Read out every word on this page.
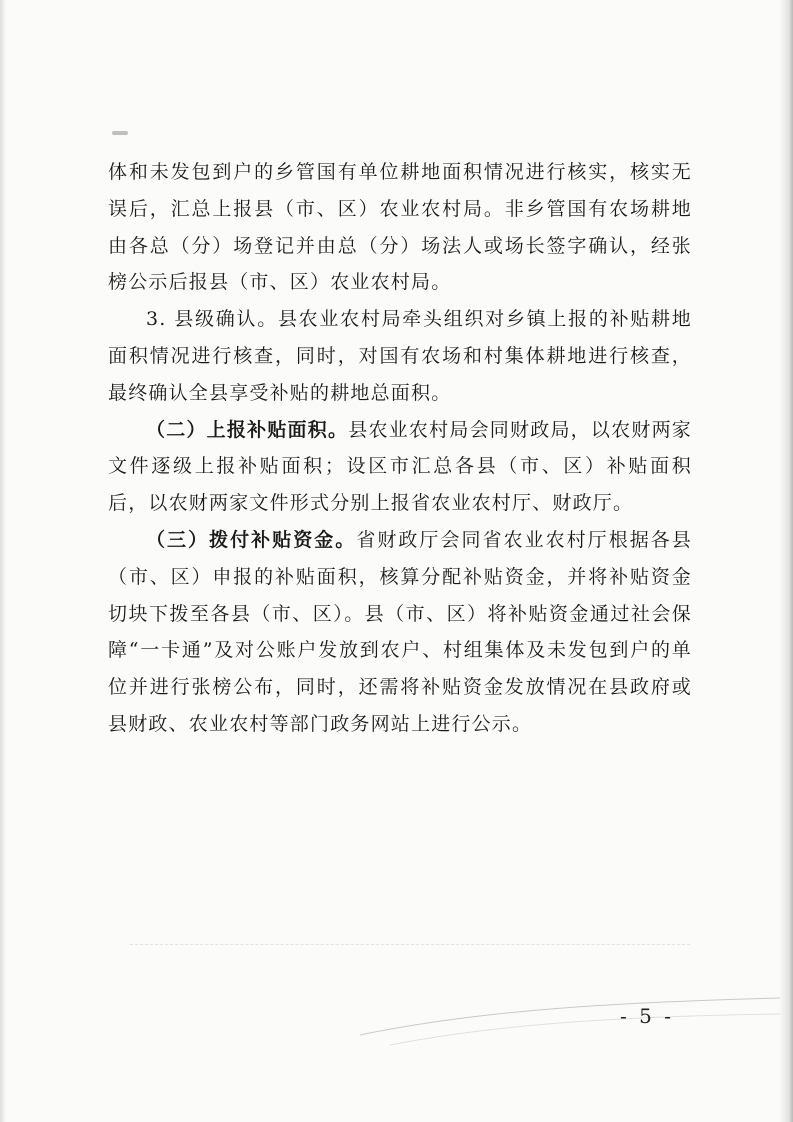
体和未发包到户的乡管国有单位耕地面积情况进行核实，核实无误后，汇总上报县（市、区）农业农村局。非乡管国有农场耕地由各总（分）场登记并由总（分）场法人或场长签字确认，经张榜公示后报县（市、区）农业农村局。

3. 县级确认。县农业农村局牵头组织对乡镇上报的补贴耕地面积情况进行核查，同时，对国有农场和村集体耕地进行核查，最终确认全县享受补贴的耕地总面积。

（二）上报补贴面积。县农业农村局会同财政局，以农财两家文件逐级上报补贴面积；设区市汇总各县（市、区）补贴面积后，以农财两家文件形式分别上报省农业农村厅、财政厅。

（三）拨付补贴资金。省财政厅会同省农业农村厅根据各县（市、区）申报的补贴面积，核算分配补贴资金，并将补贴资金切块下拨至各县（市、区）。县（市、区）将补贴资金通过社会保障“一卡通”及对公账户发放到农户、村组集体及未发包到户的单位并进行张榜公布，同时，还需将补贴资金发放情况在县政府或县财政、农业农村等部门政务网站上进行公示。

- 5 -
